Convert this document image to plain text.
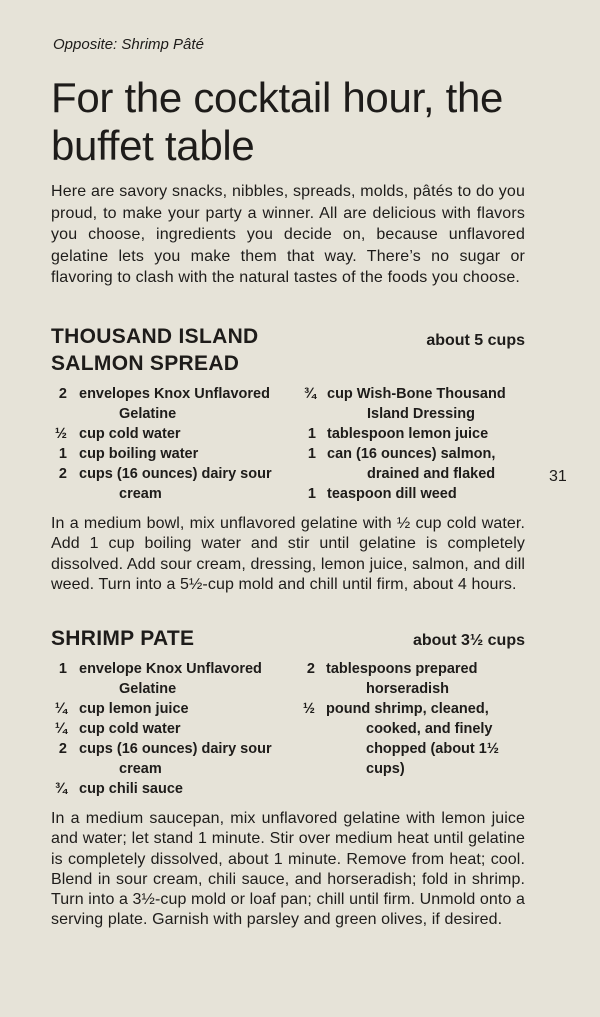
Opposite: Shrimp Pâté
For the cocktail hour, the buffet table

Here are savory snacks, nibbles, spreads, molds, pâtés to do you proud, to make your party a winner. All are delicious with flavors you choose, ingredients you decide on, because unflavored gelatine lets you make them that way. There’s no sugar or flavoring to clash with the natural tastes of the foods you choose.

THOUSAND ISLAND
SALMON SPREAD
about 5 cups
2 envelopes Knox Unflavored Gelatine
½ cup cold water
1 cup boiling water
2 cups (16 ounces) dairy sour cream
¾ cup Wish-Bone Thousand Island Dressing
1 tablespoon lemon juice
1 can (16 ounces) salmon, drained and flaked
1 teaspoon dill weed

In a medium bowl, mix unflavored gelatine with ½ cup cold water. Add 1 cup boiling water and stir until gelatine is completely dissolved. Add sour cream, dressing, lemon juice, salmon, and dill weed. Turn into a 5½-cup mold and chill until firm, about 4 hours.

SHRIMP PATE	about 3½ cups
1 envelope Knox Unflavored Gelatine
¼ cup lemon juice
¼ cup cold water
2 cups (16 ounces) dairy sour cream
¾ cup chili sauce
2 tablespoons prepared horseradish
½ pound shrimp, cleaned, cooked, and finely chopped (about 1½ cups)

In a medium saucepan, mix unflavored gelatine with lemon juice and water; let stand 1 minute. Stir over medium heat until gelatine is completely dissolved, about 1 minute. Remove from heat; cool. Blend in sour cream, chili sauce, and horseradish; fold in shrimp. Turn into a 3½-cup mold or loaf pan; chill until firm. Unmold onto a serving plate. Garnish with parsley and green olives, if desired.

31
